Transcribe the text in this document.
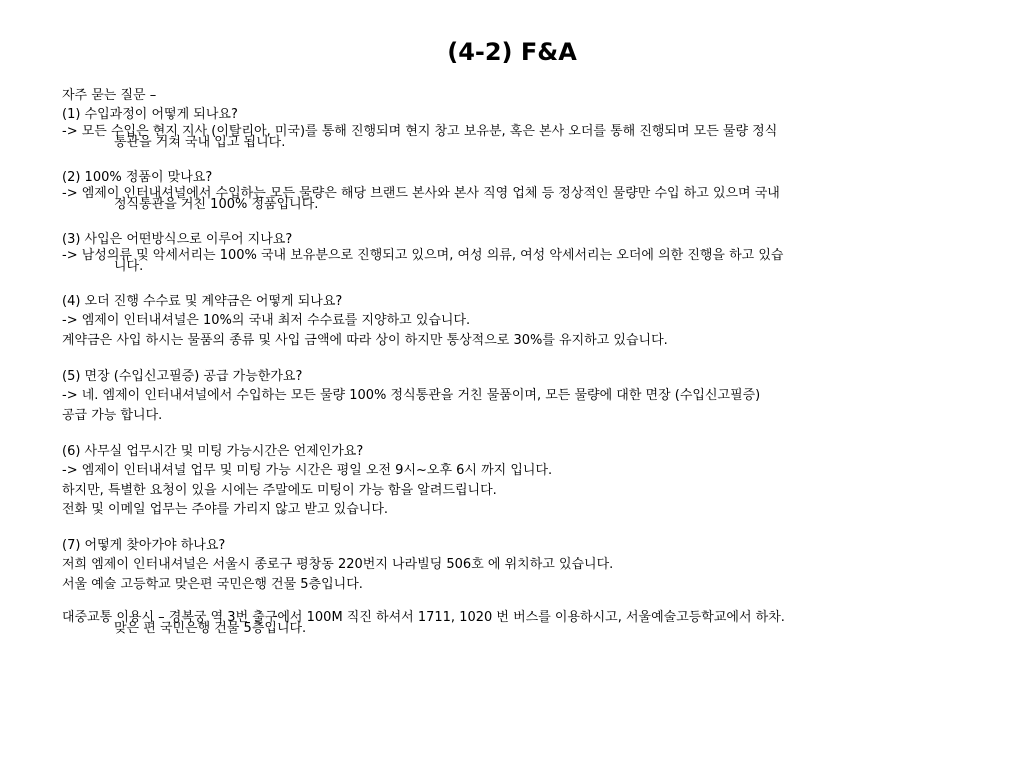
(4-2) F&A
자주 묻는 질문 –
(1) 수입과정이 어떻게 되나요?
-> 모든 수입은 현지 지사 (이탈리아, 미국)를 통해 진행되며 현지 창고 보유분, 혹은 본사 오더를 통해 진행되며 모든 물량 정식
통관을 거쳐 국내 입고 됩니다.
(2) 100% 정품이 맞나요?
-> 엠제이 인터내셔널에서 수입하는 모든 물량은 해당 브랜드 본사와 본사 직영 업체 등 정상적인 물량만 수입 하고 있으며 국내
정식통관을 거친 100% 정품입니다.
(3) 사입은 어떤방식으로 이루어 지나요?
-> 남성의류 및 악세서리는 100% 국내 보유분으로 진행되고 있으며, 여성 의류, 여성 악세서리는 오더에 의한 진행을 하고 있습
니다.
(4) 오더 진행 수수료 및 계약금은 어떻게 되나요?
-> 엠제이 인터내셔널은 10%의 국내 최저 수수료를 지양하고 있습니다.
계약금은 사입 하시는 물품의 종류 및 사입 금액에 따라 상이 하지만 통상적으로 30%를 유지하고 있습니다.
(5) 면장 (수입신고필증) 공급 가능한가요?
-> 네. 엠제이 인터내셔널에서 수입하는 모든 물량 100% 정식통관을 거친 물품이며, 모든 물량에 대한 면장 (수입신고필증)
공급 가능 합니다.
(6) 사무실 업무시간 및 미팅 가능시간은 언제인가요?
-> 엠제이 인터내셔널 업무 및 미팅 가능 시간은 평일 오전 9시~오후 6시 까지 입니다.
하지만, 특별한 요청이 있을 시에는 주말에도 미팅이 가능 함을 알려드립니다.
전화 및 이메일 업무는 주야를 가리지 않고 받고 있습니다.
(7) 어떻게 찾아가야 하나요?
저희 엠제이 인터내셔널은 서울시 종로구 평창동 220번지 나라빌딩 506호 에 위치하고 있습니다.
서울 예술 고등학교 맞은편 국민은행 건물 5층입니다.
대중교통 이용시 – 경복궁 역 3번 출구에서 100M 직진 하셔서 1711, 1020 번 버스를 이용하시고, 서울예술고등학교에서 하차.
맞은 편 국민은행 건물 5층입니다.
